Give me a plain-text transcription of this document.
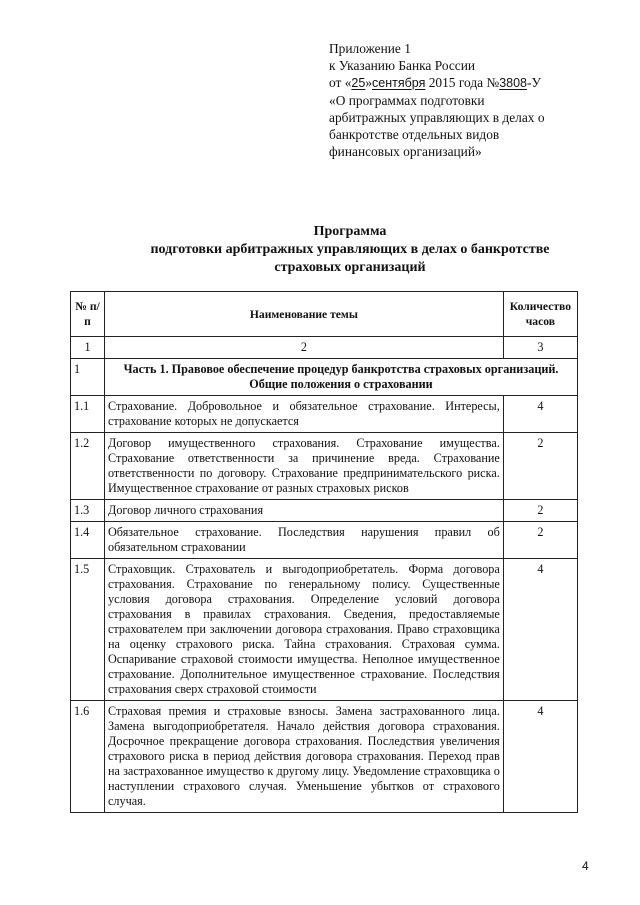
Приложение 1
к Указанию Банка России
от «25»сентября 2015 года №3808-У
«О программах подготовки
арбитражных управляющих в делах о
банкротстве отдельных видов
финансовых организаций»
Программа
подготовки арбитражных управляющих в делах о банкротстве
страховых организаций
№ п/п	Наименование темы	Количество часов
1	2	3
1	Часть 1. Правовое обеспечение процедур банкротства страховых организаций. Общие положения о страховании	
1.1	Страхование. Добровольное и обязательное страхование. Интересы, страхование которых не допускается	4
1.2	Договор имущественного страхования. Страхование имущества. Страхование ответственности за причинение вреда. Страхование ответственности по договору. Страхование предпринимательского риска. Имущественное страхование от разных страховых рисков	2
1.3	Договор личного страхования	2
1.4	Обязательное страхование. Последствия нарушения правил об обязательном страховании	2
1.5	Страховщик. Страхователь и выгодоприобретатель. Форма договора страхования. Страхование по генеральному полису. Существенные условия договора страхования. Определение условий договора страхования в правилах страхования. Сведения, предоставляемые страхователем при заключении договора страхования. Право страховщика на оценку страхового риска. Тайна страхования. Страховая сумма. Оспаривание страховой стоимости имущества. Неполное имущественное страхование. Дополнительное имущественное страхование. Последствия страхования сверх страховой стоимости	4
1.6	Страховая премия и страховые взносы. Замена застрахованного лица. Замена выгодоприобретателя. Начало действия договора страхования. Досрочное прекращение договора страхования. Последствия увеличения страхового риска в период действия договора страхования. Переход прав на застрахованное имущество к другому лицу. Уведомление страховщика о наступлении страхового случая. Уменьшение убытков от страхового случая.	4
4
